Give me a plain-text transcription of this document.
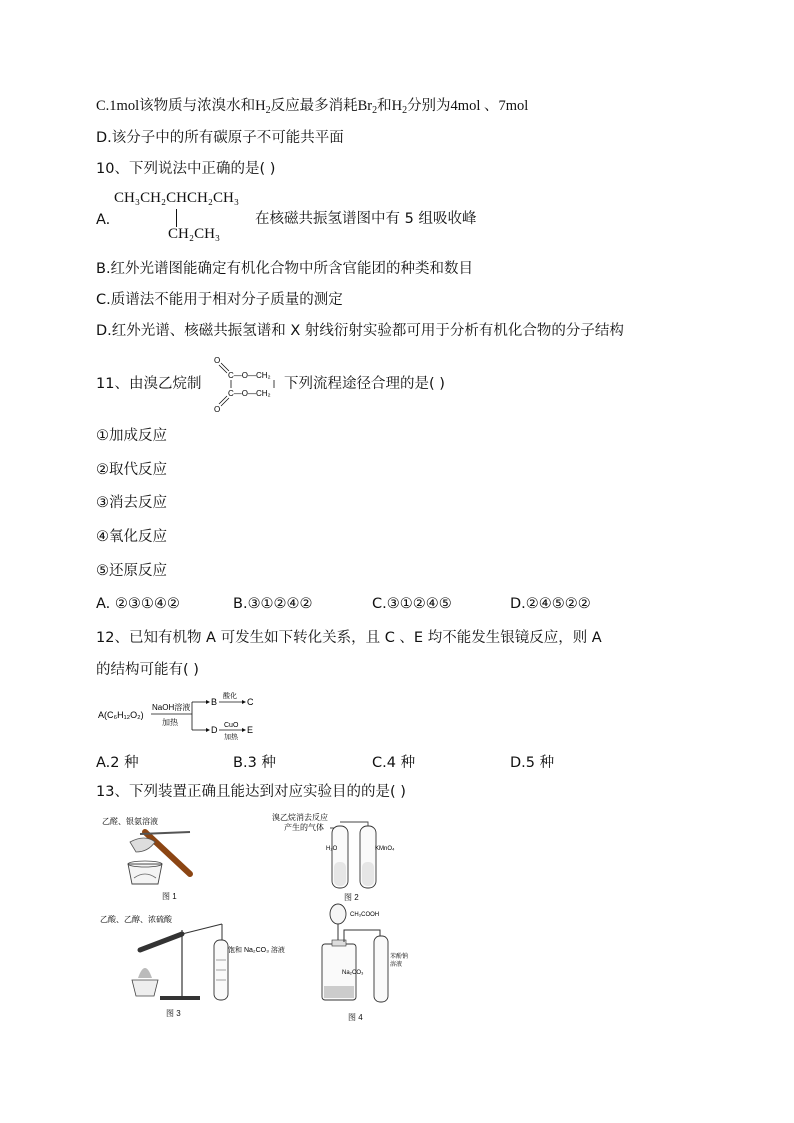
C.1mol该物质与浓溴水和$H_2$反应最多消耗$Br_2$和$H_2$分别为4mol 、7mol
D.该分子中的所有碳原子不可能共平面
10、下列说法中正确的是( )
A.
CH₃CH₂CHCH₂CH₃
CH₂CH₃
在核磁共振氢谱图中有 5 组吸收峰
B.红外光谱图能确定有机化合物中所含官能团的种类和数目
C.质谱法不能用于相对分子质量的测定
D.红外光谱、核磁共振氢谱和 X 射线衍射实验都可用于分析有机化合物的分子结构
11、由溴乙烷制
O
C—O—CH₂
C—O—CH₂
O
下列流程途径合理的是( )
①加成反应
②取代反应
③消去反应
④氧化反应
⑤还原反应
A. ②③①④②	B.③①②④②	C.③①②④⑤	D.②④⑤②②
12、已知有机物 A 可发生如下转化关系，且 C 、E 均不能发生银镜反应，则 A
的结构可能有( )
A(C₆H₁₂O₂)
NaOH溶液
加热
B
酸化
C
D CuO
加热
E
A.2 种	B.3 种	C.4 种	D.5 种
13、下列装置正确且能达到对应实验目的的是( )
乙醛、银氨溶液
图 1
溴乙烷消去反应
产生的气体
H₂O	KMnO₄
图 2
乙酸、乙醇、浓硫酸
饱和 Na₂CO₃ 溶液
图 3
CH₃COOH
Na₂CO₃
苯酚钠
溶液
图 4
